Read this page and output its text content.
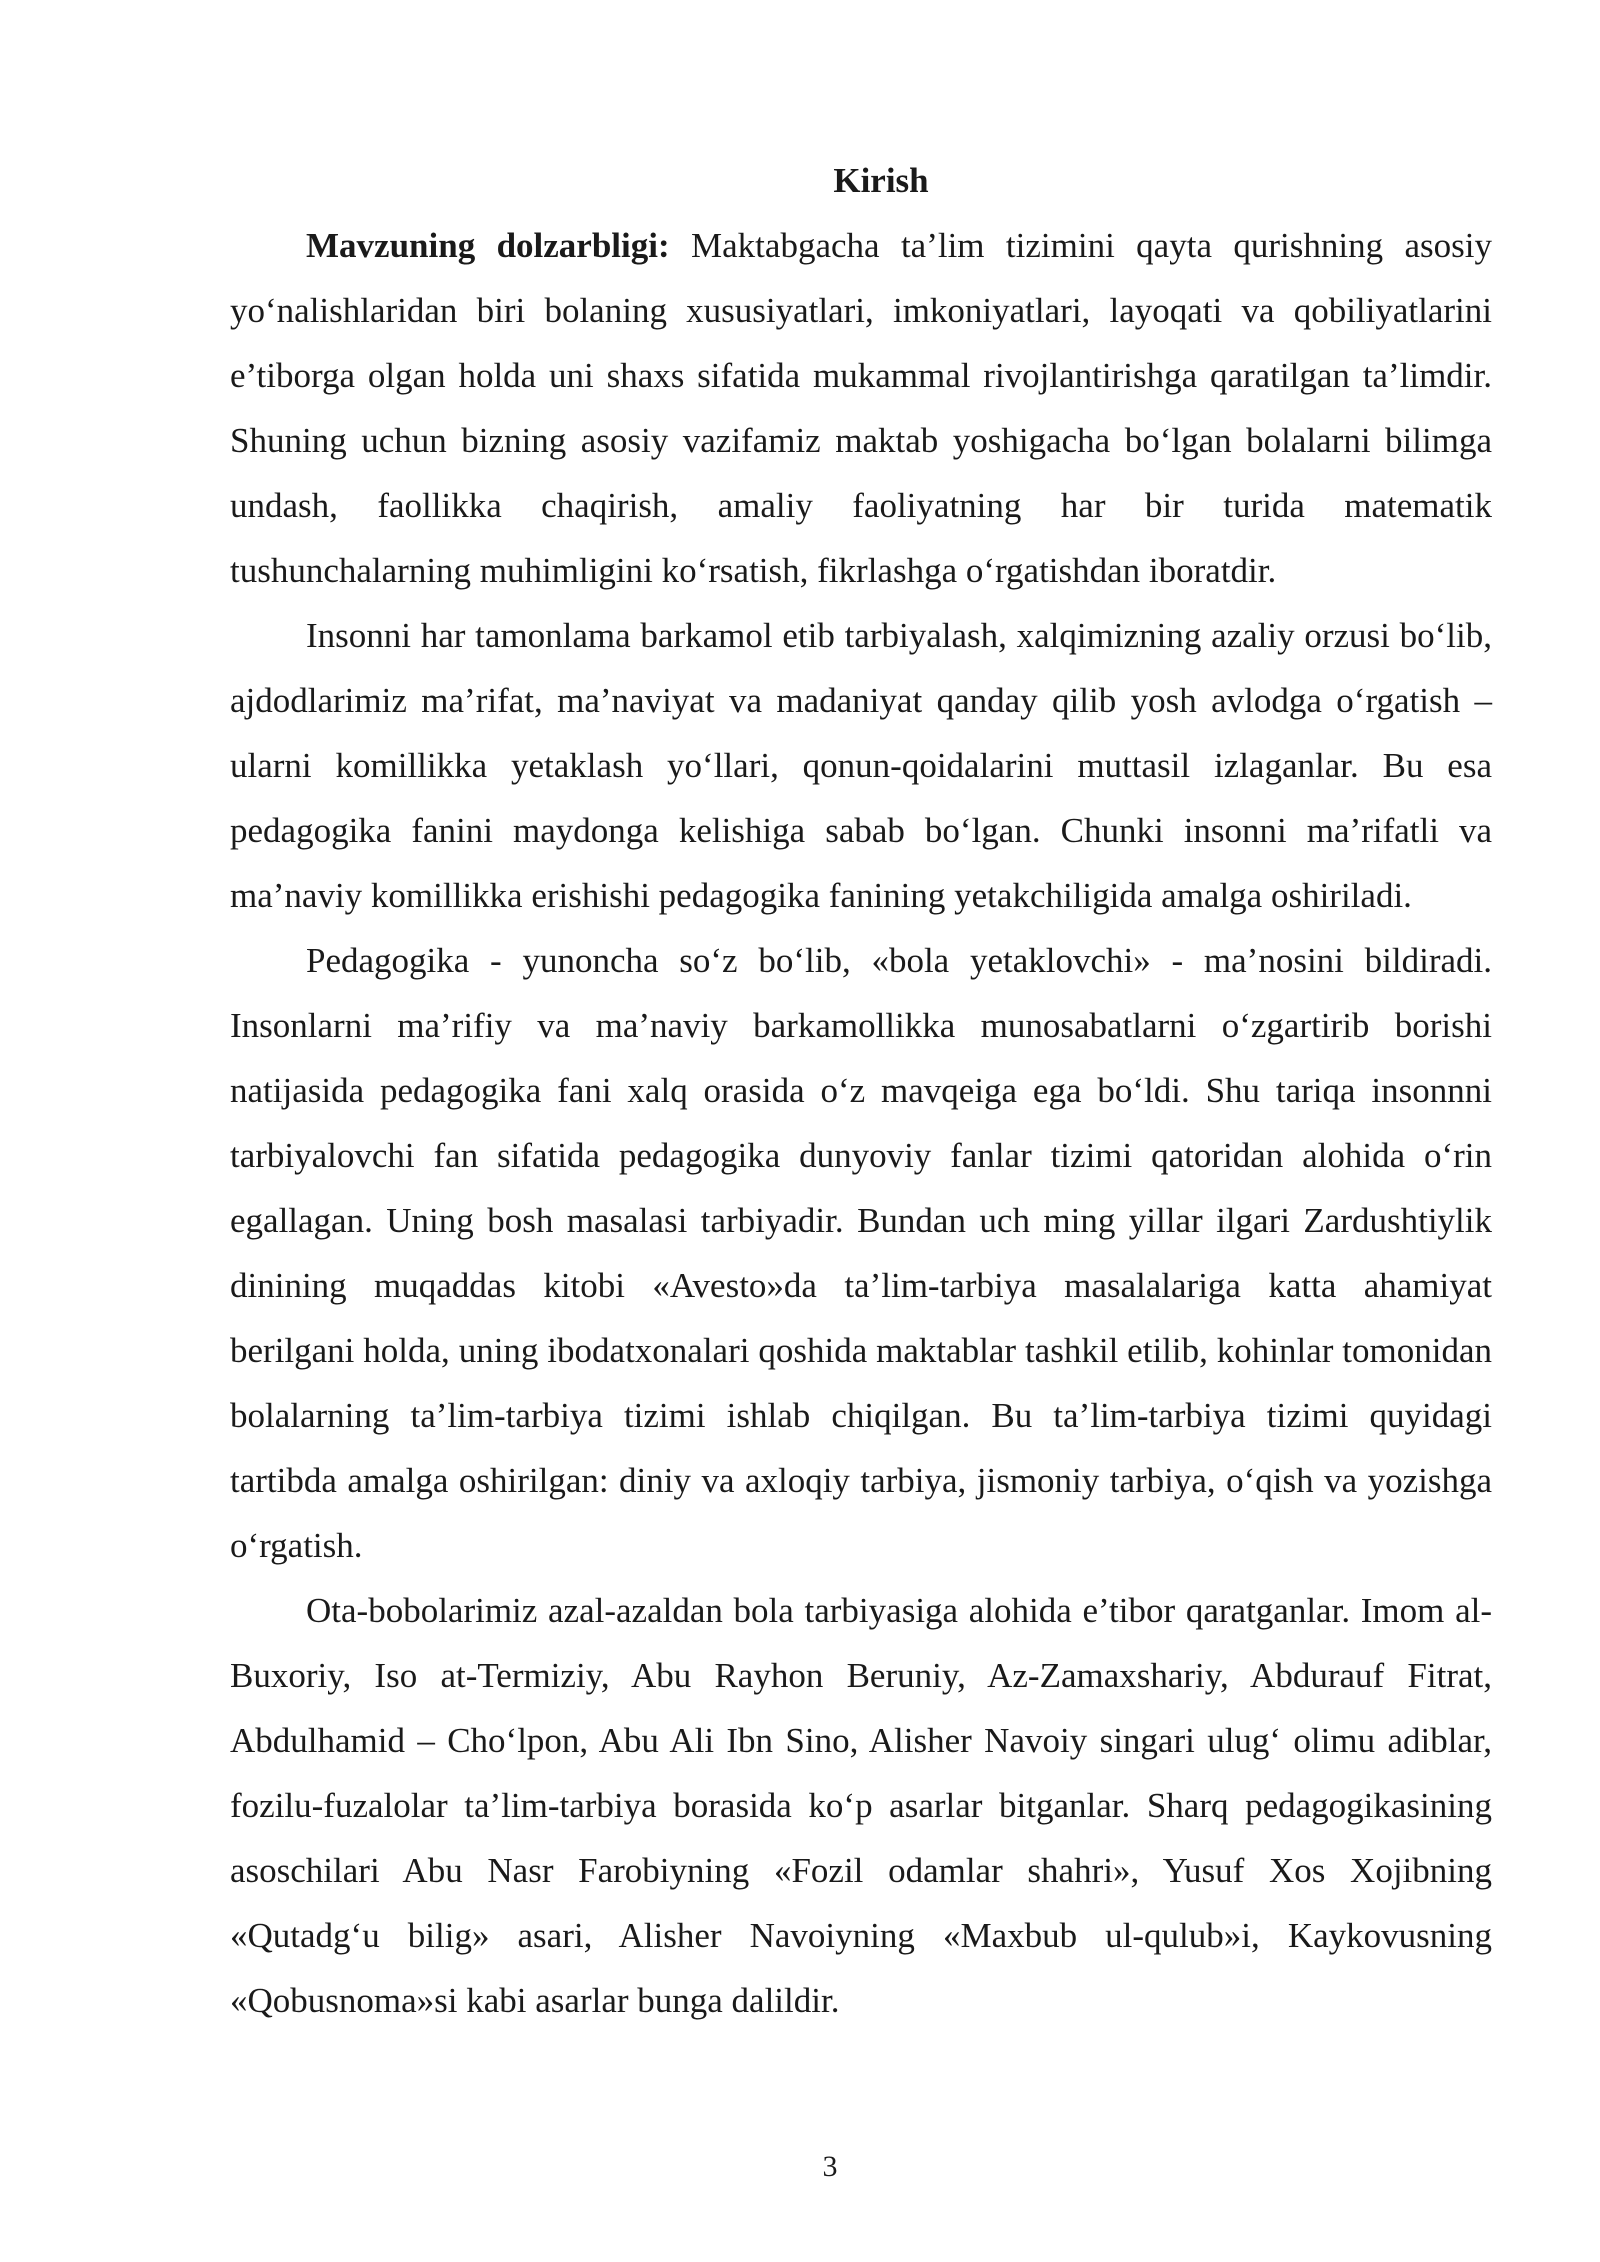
Kirish

Mavzuning dolzarbligi: Maktabgacha ta’lim tizimini qayta qurishning asosiy yo‘nalishlaridan biri bolaning xususiyatlari, imkoniyatlari, layoqati va qobiliyatlarini e’tiborga olgan holda uni shaxs sifatida mukammal rivojlantirishga qaratilgan ta’limdir. Shuning uchun bizning asosiy vazifamiz maktab yoshigacha bo‘lgan bolalarni bilimga undash, faollikka chaqirish, amaliy faoliyatning har bir turida matematik tushunchalarning muhimligini ko‘rsatish, fikrlashga o‘rgatishdan iboratdir.

Insonni har tamonlama barkamol etib tarbiyalash, xalqimizning azaliy orzusi bo‘lib, ajdodlarimiz ma’rifat, ma’naviyat va madaniyat qanday qilib yosh avlodga o‘rgatish – ularni komillikka yetaklash yo‘llari, qonun-qoidalarini muttasil izlaganlar. Bu esa pedagogika fanini maydonga kelishiga sabab bo‘lgan. Chunki insonni ma’rifatli va ma’naviy komillikka erishishi pedagogika fanining yetakchiligida amalga oshiriladi.

Pedagogika - yunoncha so‘z bo‘lib, «bola yetaklovchi» - ma’nosini bildiradi. Insonlarni ma’rifiy va ma’naviy barkamollikka munosabatlarni o‘zgartirib borishi natijasida pedagogika fani xalq orasida o‘z mavqeiga ega bo‘ldi. Shu tariqa insonnni tarbiyalovchi fan sifatida pedagogika dunyoviy fanlar tizimi qatoridan alohida o‘rin egallagan. Uning bosh masalasi tarbiyadir. Bundan uch ming yillar ilgari Zardushtiylik dinining muqaddas kitobi «Avesto»da ta’lim-tarbiya masalalariga katta ahamiyat berilgani holda, uning ibodatxonalari qoshida maktablar tashkil etilib, kohinlar tomonidan bolalarning ta’lim-tarbiya tizimi ishlab chiqilgan. Bu ta’lim-tarbiya tizimi quyidagi tartibda amalga oshirilgan: diniy va axloqiy tarbiya, jismoniy tarbiya, o‘qish va yozishga o‘rgatish.

Ota-bobolarimiz azal-azaldan bola tarbiyasiga alohida e’tibor qaratganlar. Imom al-Buxoriy, Iso at-Termiziy, Abu Rayhon Beruniy, Az-Zamaxshariy, Abdurauf Fitrat, Abdulhamid – Cho‘lpon, Abu Ali Ibn Sino, Alisher Navoiy singari ulug‘ olimu adiblar, fozilu-fuzalolar ta’lim-tarbiya borasida ko‘p asarlar bitganlar. Sharq pedagogikasining asoschilari Abu Nasr Farobiyning «Fozil odamlar shahri», Yusuf Xos Xojibning «Qutadg‘u bilig» asari, Alisher Navoiyning «Maxbub ul-qulub»i, Kaykovusning «Qobusnoma»si kabi asarlar bunga dalildir.

3
